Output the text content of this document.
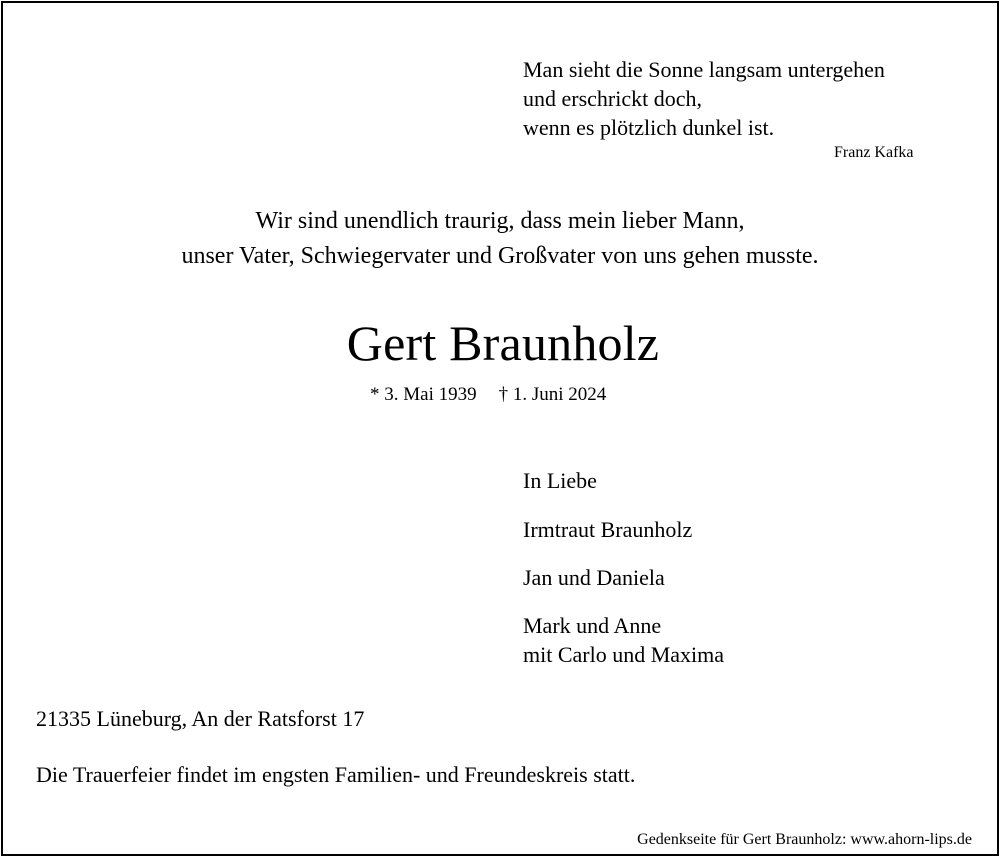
Man sieht die Sonne langsam untergehen
und erschrickt doch,
wenn es plötzlich dunkel ist.
Franz Kafka
Wir sind unendlich traurig, dass mein lieber Mann,
unser Vater, Schwiegervater und Großvater von uns gehen musste.
Gert Braunholz
* 3. Mai 1939 † 1. Juni 2024
In Liebe
Irmtraut Braunholz
Jan und Daniela
Mark und Anne
mit Carlo und Maxima
21335 Lüneburg, An der Ratsforst 17
Die Trauerfeier findet im engsten Familien- und Freundeskreis statt.
Gedenkseite für Gert Braunholz: www.ahorn-lips.de
